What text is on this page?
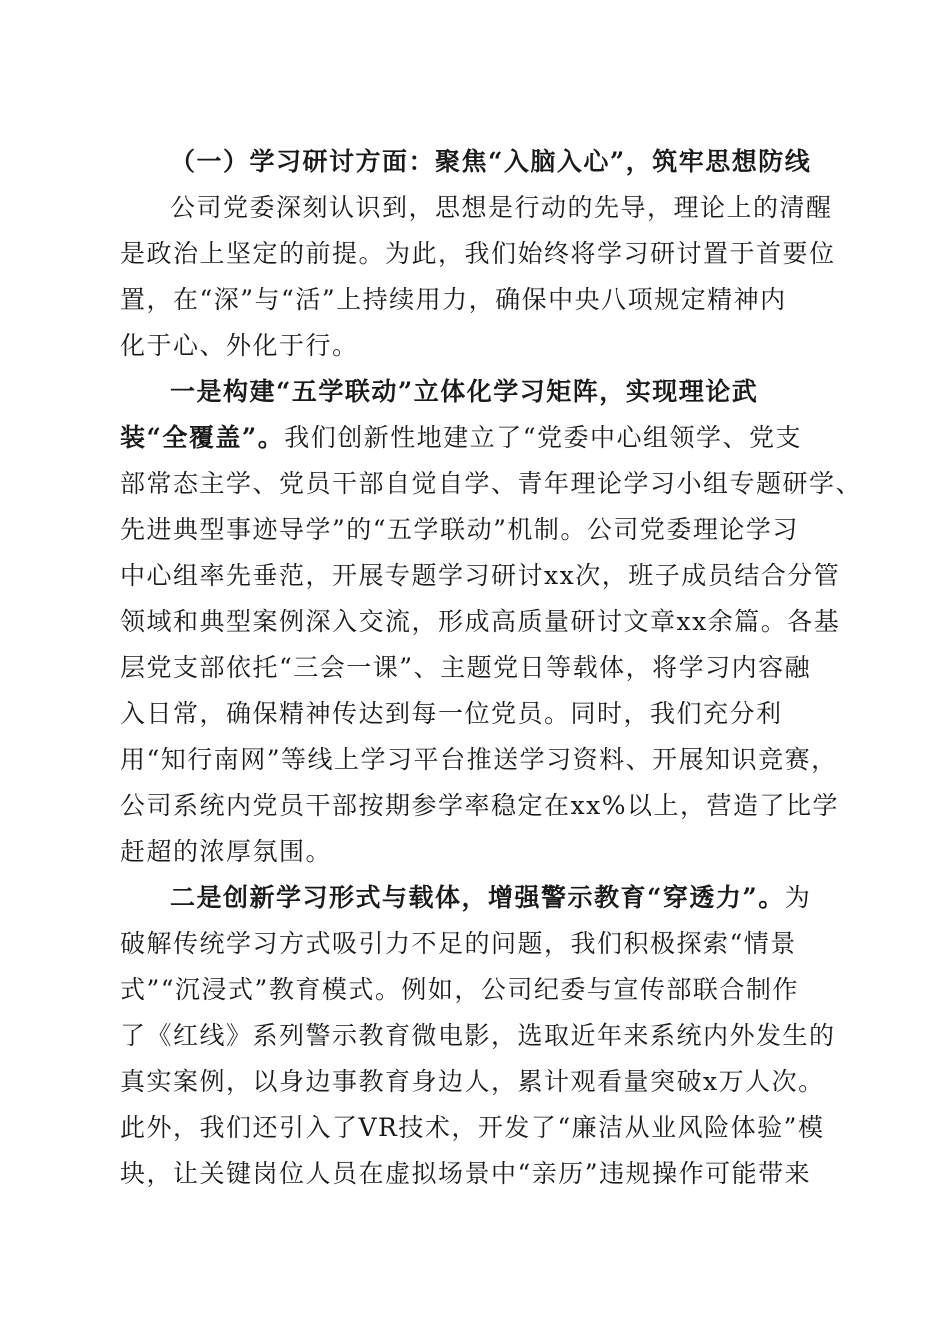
（一）学习研讨方面：聚焦“入脑入心”，筑牢思想防线
公司党委深刻认识到，思想是行动的先导，理论上的清醒
是政治上坚定的前提。为此，我们始终将学习研讨置于首要位
置，在“深”与“活”上持续用力，确保中央八项规定精神内
化于心、外化于行。
一是构建“五学联动”立体化学习矩阵，实现理论武
装“全覆盖”。我们创新性地建立了“党委中心组领学、党支
部常态主学、党员干部自觉自学、青年理论学习小组专题研学、
先进典型事迹导学”的“五学联动”机制。公司党委理论学习
中心组率先垂范，开展专题学习研讨xx次，班子成员结合分管
领域和典型案例深入交流，形成高质量研讨文章xx余篇。各基
层党支部依托“三会一课”、主题党日等载体，将学习内容融
入日常，确保精神传达到每一位党员。同时，我们充分利
用“知行南网”等线上学习平台推送学习资料、开展知识竞赛，
公司系统内党员干部按期参学率稳定在xx%以上，营造了比学
赶超的浓厚氛围。
二是创新学习形式与载体，增强警示教育“穿透力”。为
破解传统学习方式吸引力不足的问题，我们积极探索“情景
式”“沉浸式”教育模式。例如，公司纪委与宣传部联合制作
了《红线》系列警示教育微电影，选取近年来系统内外发生的
真实案例，以身边事教育身边人，累计观看量突破x万人次。
此外，我们还引入了VR技术，开发了“廉洁从业风险体验”模
块，让关键岗位人员在虚拟场景中“亲历”违规操作可能带来
